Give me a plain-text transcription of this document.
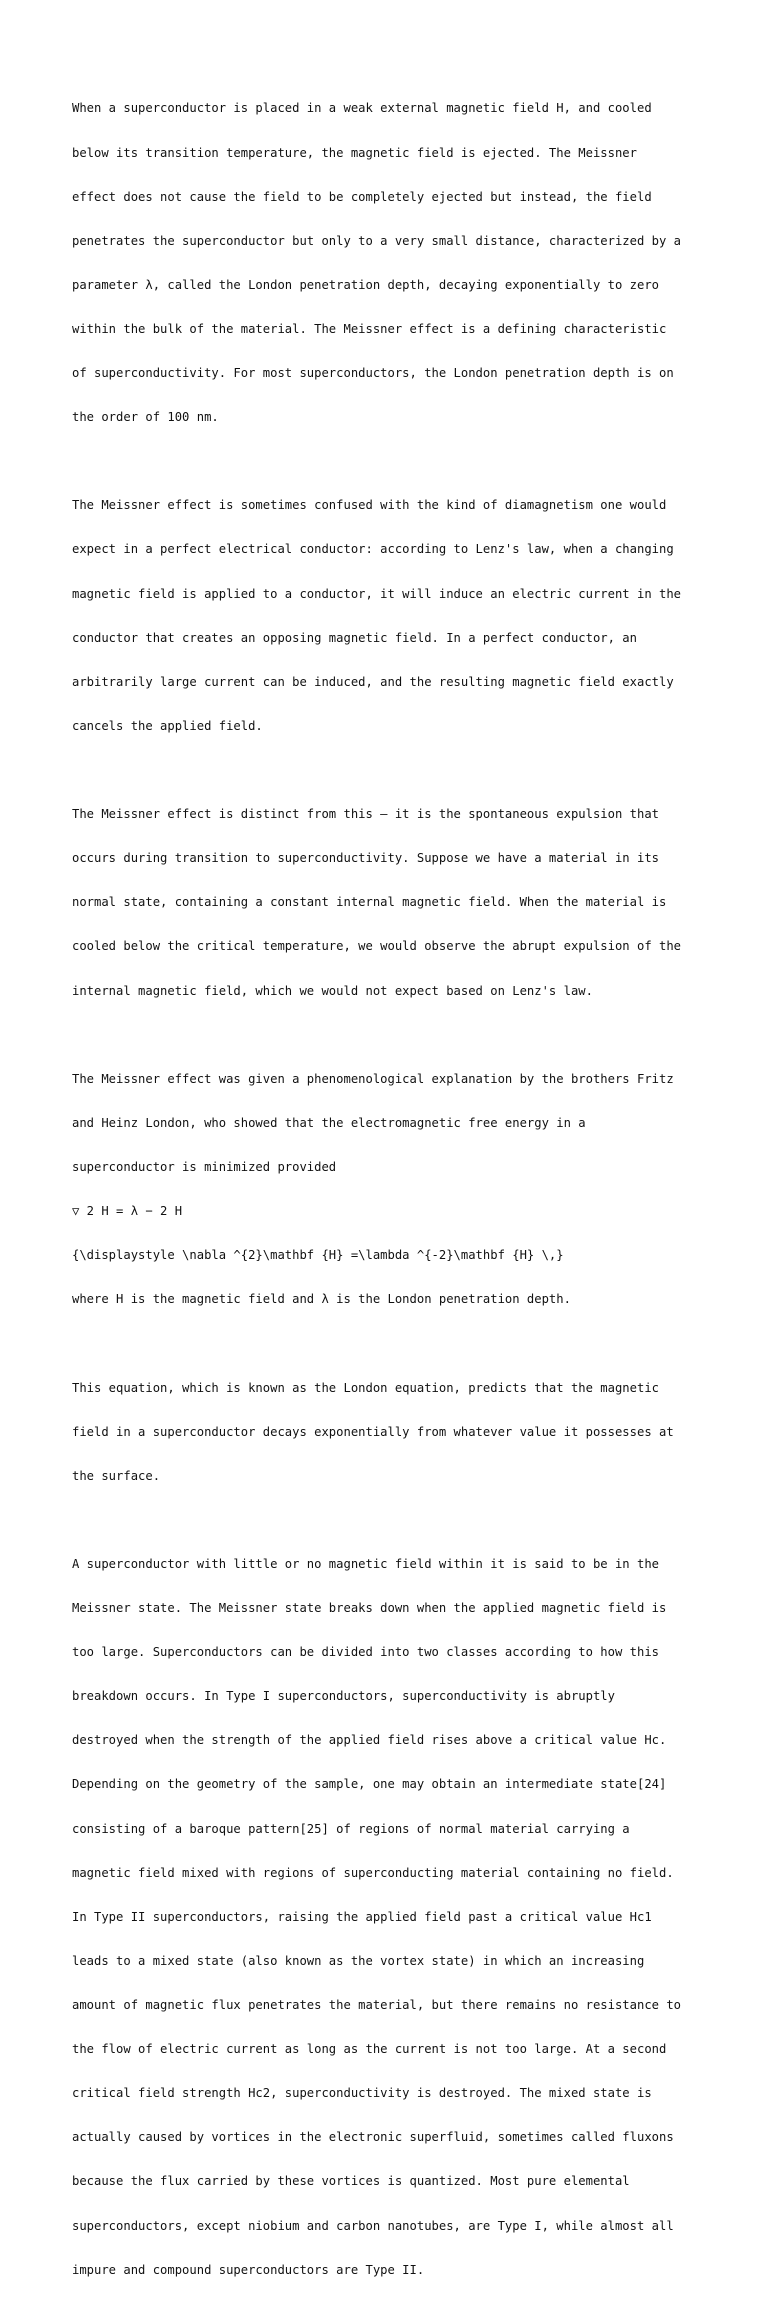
When a superconductor is placed in a weak external magnetic field H, and cooled

below its transition temperature, the magnetic field is ejected. The Meissner

effect does not cause the field to be completely ejected but instead, the field

penetrates the superconductor but only to a very small distance, characterized by a

parameter λ, called the London penetration depth, decaying exponentially to zero

within the bulk of the material. The Meissner effect is a defining characteristic

of superconductivity. For most superconductors, the London penetration depth is on

the order of 100 nm.

The Meissner effect is sometimes confused with the kind of diamagnetism one would

expect in a perfect electrical conductor: according to Lenz's law, when a changing

magnetic field is applied to a conductor, it will induce an electric current in the

conductor that creates an opposing magnetic field. In a perfect conductor, an

arbitrarily large current can be induced, and the resulting magnetic field exactly

cancels the applied field.

The Meissner effect is distinct from this – it is the spontaneous expulsion that

occurs during transition to superconductivity. Suppose we have a material in its

normal state, containing a constant internal magnetic field. When the material is

cooled below the critical temperature, we would observe the abrupt expulsion of the

internal magnetic field, which we would not expect based on Lenz's law.

The Meissner effect was given a phenomenological explanation by the brothers Fritz

and Heinz London, who showed that the electromagnetic free energy in a

superconductor is minimized provided

▽ 2 H = λ − 2 H

{\displaystyle \nabla ^{2}\mathbf {H} =\lambda ^{-2}\mathbf {H} \,}

where H is the magnetic field and λ is the London penetration depth.

This equation, which is known as the London equation, predicts that the magnetic

field in a superconductor decays exponentially from whatever value it possesses at

the surface.

A superconductor with little or no magnetic field within it is said to be in the

Meissner state. The Meissner state breaks down when the applied magnetic field is

too large. Superconductors can be divided into two classes according to how this

breakdown occurs. In Type I superconductors, superconductivity is abruptly

destroyed when the strength of the applied field rises above a critical value Hc.

Depending on the geometry of the sample, one may obtain an intermediate state[24]

consisting of a baroque pattern[25] of regions of normal material carrying a

magnetic field mixed with regions of superconducting material containing no field.

In Type II superconductors, raising the applied field past a critical value Hc1

leads to a mixed state (also known as the vortex state) in which an increasing

amount of magnetic flux penetrates the material, but there remains no resistance to

the flow of electric current as long as the current is not too large. At a second

critical field strength Hc2, superconductivity is destroyed. The mixed state is

actually caused by vortices in the electronic superfluid, sometimes called fluxons

because the flux carried by these vortices is quantized. Most pure elemental

superconductors, except niobium and carbon nanotubes, are Type I, while almost all

impure and compound superconductors are Type II.
